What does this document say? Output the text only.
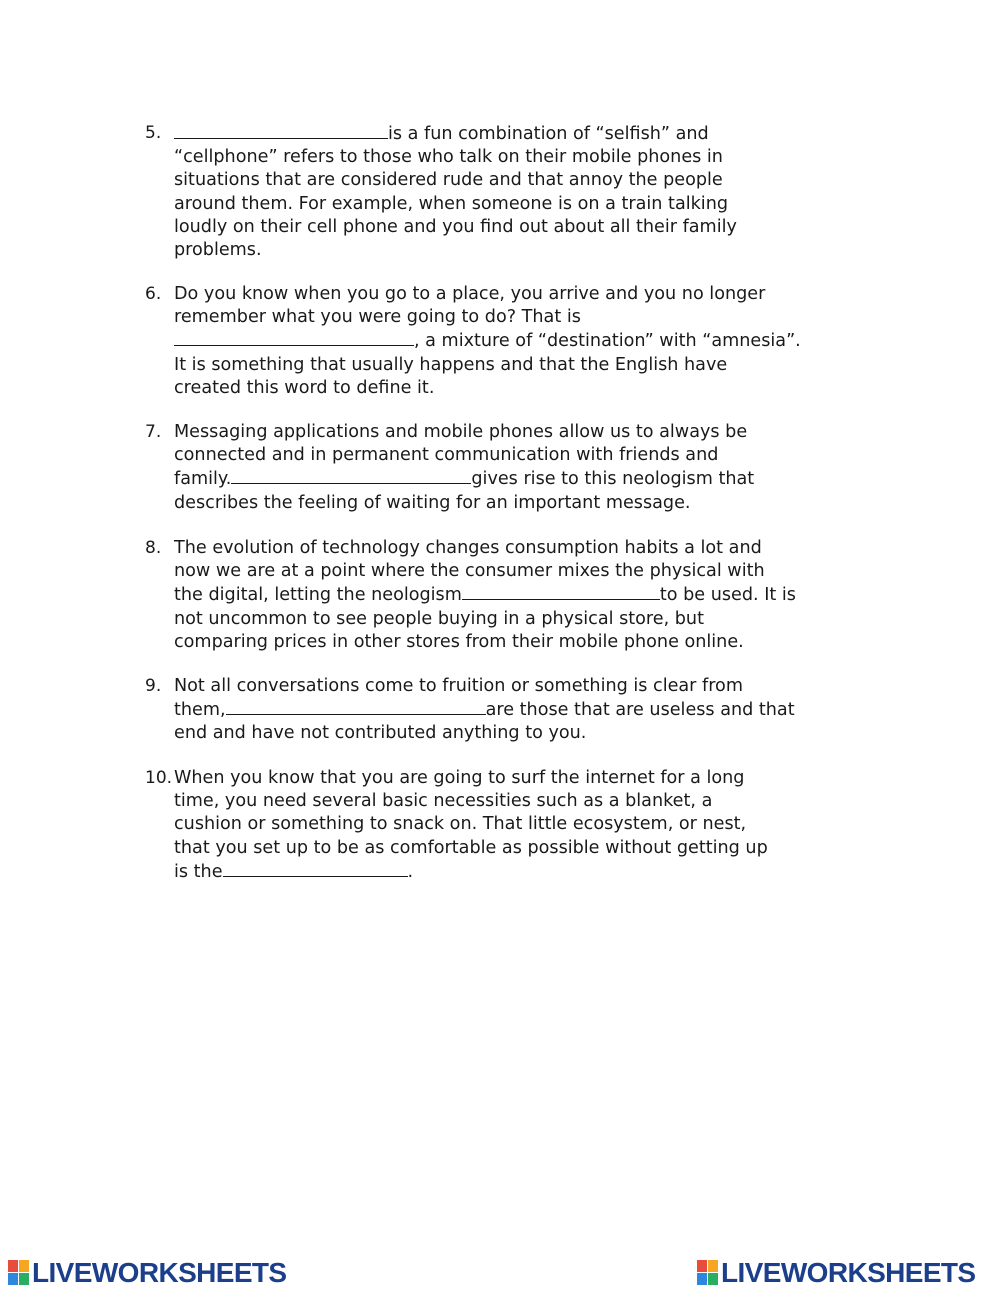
5.	is a fun combination of “selfish” and
“cellphone” refers to those who talk on their mobile phones in
situations that are considered rude and that annoy the people
around them. For example, when someone is on a train talking
loudly on their cell phone and you find out about all their family
problems.
6. Do you know when you go to a place, you arrive and you no longer
remember what you were going to do? That is
, a mixture of “destination” with “amnesia”.
It is something that usually happens and that the English have
created this word to define it.
7. Messaging applications and mobile phones allow us to always be
connected and in permanent communication with friends and
family.	gives rise to this neologism that
describes the feeling of waiting for an important message.
8. The evolution of technology changes consumption habits a lot and
now we are at a point where the consumer mixes the physical with
the digital, letting the neologism	to be used. It is
not uncommon to see people buying in a physical store, but
comparing prices in other stores from their mobile phone online.
9. Not all conversations come to fruition or something is clear from
them,	are those that are useless and that
end and have not contributed anything to you.
10. When you know that you are going to surf the internet for a long
time, you need several basic necessities such as a blanket, a
cushion or something to snack on. That little ecosystem, or nest,
that you set up to be as comfortable as possible without getting up
is the	.
LIVEWORKSHEETS	LIVEWORKSHEETS
